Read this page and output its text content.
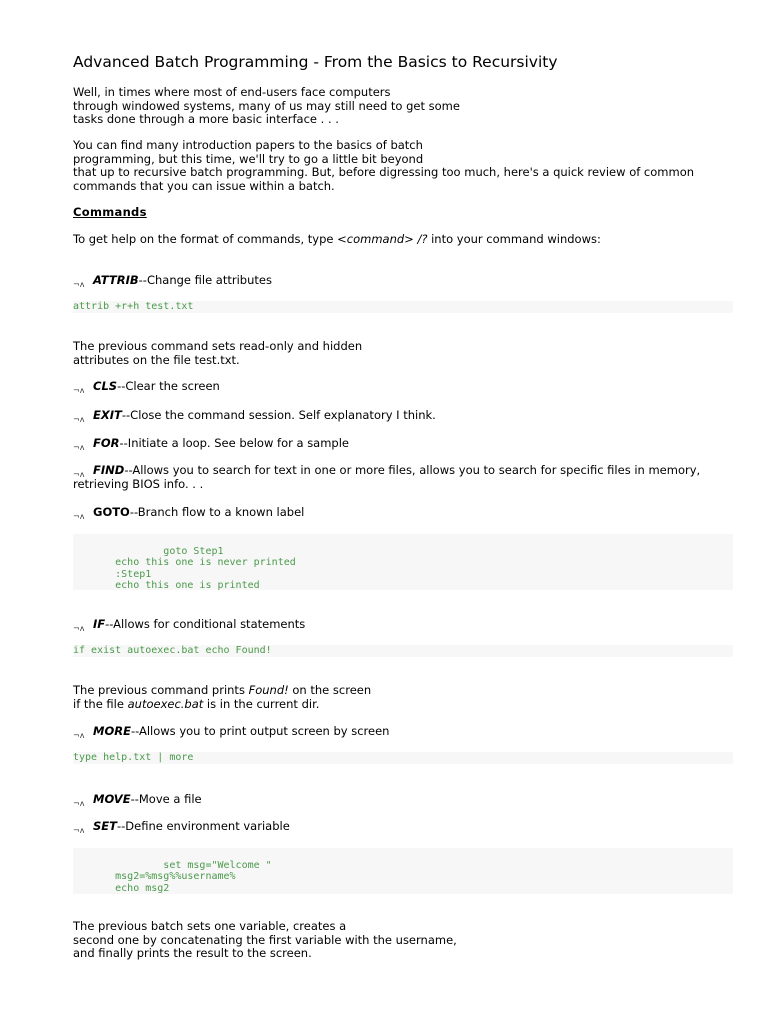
Advanced Batch Programming - From the Basics to Recursivity
Well, in times where most of end-users face computers
through windowed systems, many of us may still need to get some
tasks done through a more basic interface . . .
You can find many introduction papers to the basics of batch
programming, but this time, we'll try to go a little bit beyond
that up to recursive batch programming. But, before digressing too much, here's a quick review of common
commands that you can issue within a batch.
Commands
To get help on the format of commands, type <command> /? into your command windows:
¬ʌ ATTRIB --Change file attributes
attrib +r+h test.txt
The previous command sets read-only and hidden
attributes on the file test.txt.
¬ʌ CLS --Clear the screen
¬ʌ EXIT --Close the command session. Self explanatory I think.
¬ʌ FOR --Initiate a loop. See below for a sample
¬ʌ FIND--Allows you to search for text in one or more files, allows you to search for specific files in memory, retrieving BIOS info. . .
¬ʌ GOTO --Branch flow to a known label

goto Step1
echo this one is never printed
:Step1
echo this one is printed

¬ʌ IF --Allows for conditional statements
if exist autoexec.bat echo Found!
The previous command prints Found! on the screen
if the file autoexec.bat is in the current dir.
¬ʌ MORE --Allows you to print output screen by screen
type help.txt | more
¬ʌ MOVE --Move a file
¬ʌ SET --Define environment variable

set msg="Welcome "
msg2=%msg%%username%
echo msg2

The previous batch sets one variable, creates a
second one by concatenating the first variable with the username,
and finally prints the result to the screen.
